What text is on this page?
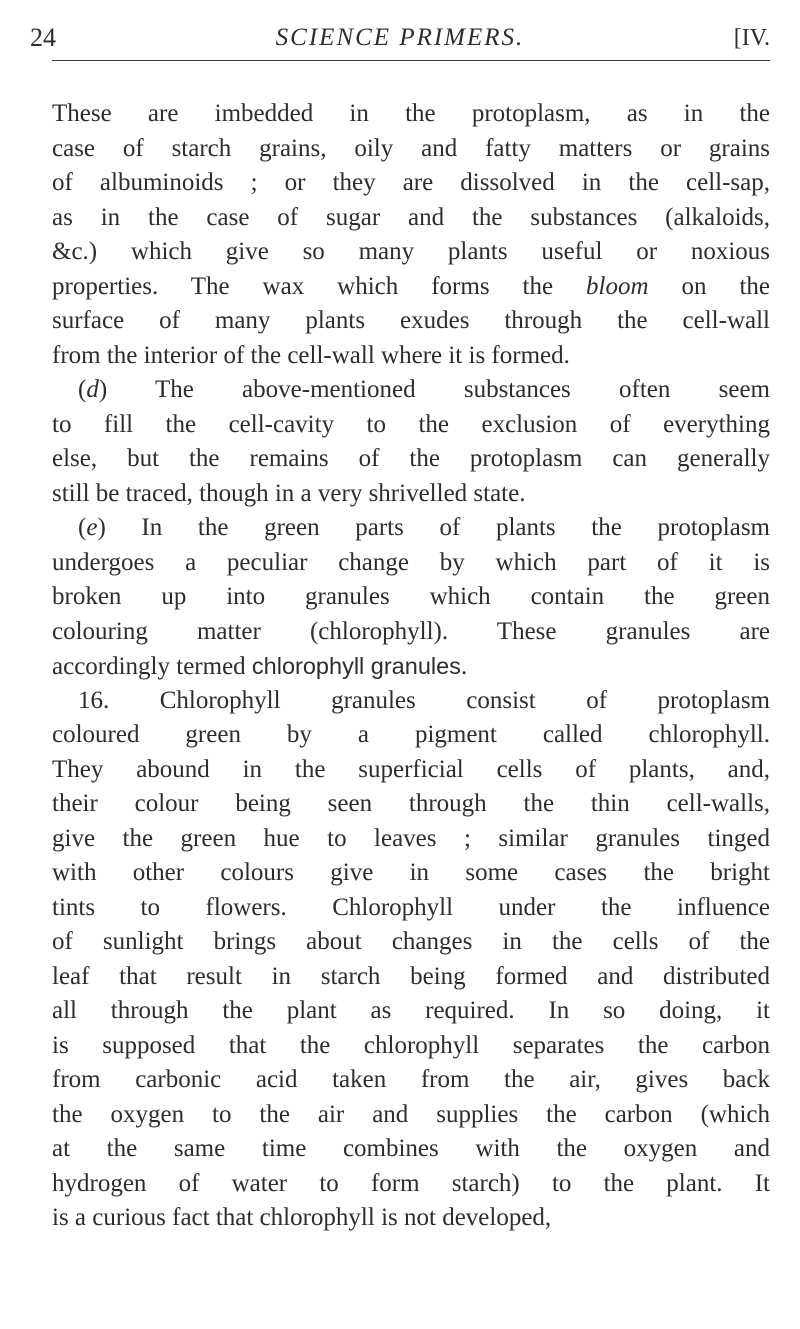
24	SCIENCE PRIMERS.	[IV.
These are imbedded in the protoplasm, as in the
case of starch grains, oily and fatty matters or grains
of albuminoids ; or they are dissolved in the cell-sap,
as in the case of sugar and the substances (alkaloids,
&c.) which give so many plants useful or noxious
properties. The wax which forms the bloom on the
surface of many plants exudes through the cell-wall
from the interior of the cell-wall where it is formed.
(d) The above-mentioned substances often seem
to fill the cell-cavity to the exclusion of everything
else, but the remains of the protoplasm can generally
still be traced, though in a very shrivelled state.
(e) In the green parts of plants the protoplasm
undergoes a peculiar change by which part of it is
broken up into granules which contain the green
colouring matter (chlorophyll). These granules are
accordingly termed chlorophyll granules.
16. Chlorophyll granules consist of protoplasm
coloured green by a pigment called chlorophyll.
They abound in the superficial cells of plants, and,
their colour being seen through the thin cell-walls,
give the green hue to leaves ; similar granules tinged
with other colours give in some cases the bright
tints to flowers. Chlorophyll under the influence
of sunlight brings about changes in the cells of the
leaf that result in starch being formed and distributed
all through the plant as required. In so doing, it
is supposed that the chlorophyll separates the carbon
from carbonic acid taken from the air, gives back
the oxygen to the air and supplies the carbon (which
at the same time combines with the oxygen and
hydrogen of water to form starch) to the plant. It
is a curious fact that chlorophyll is not developed,
